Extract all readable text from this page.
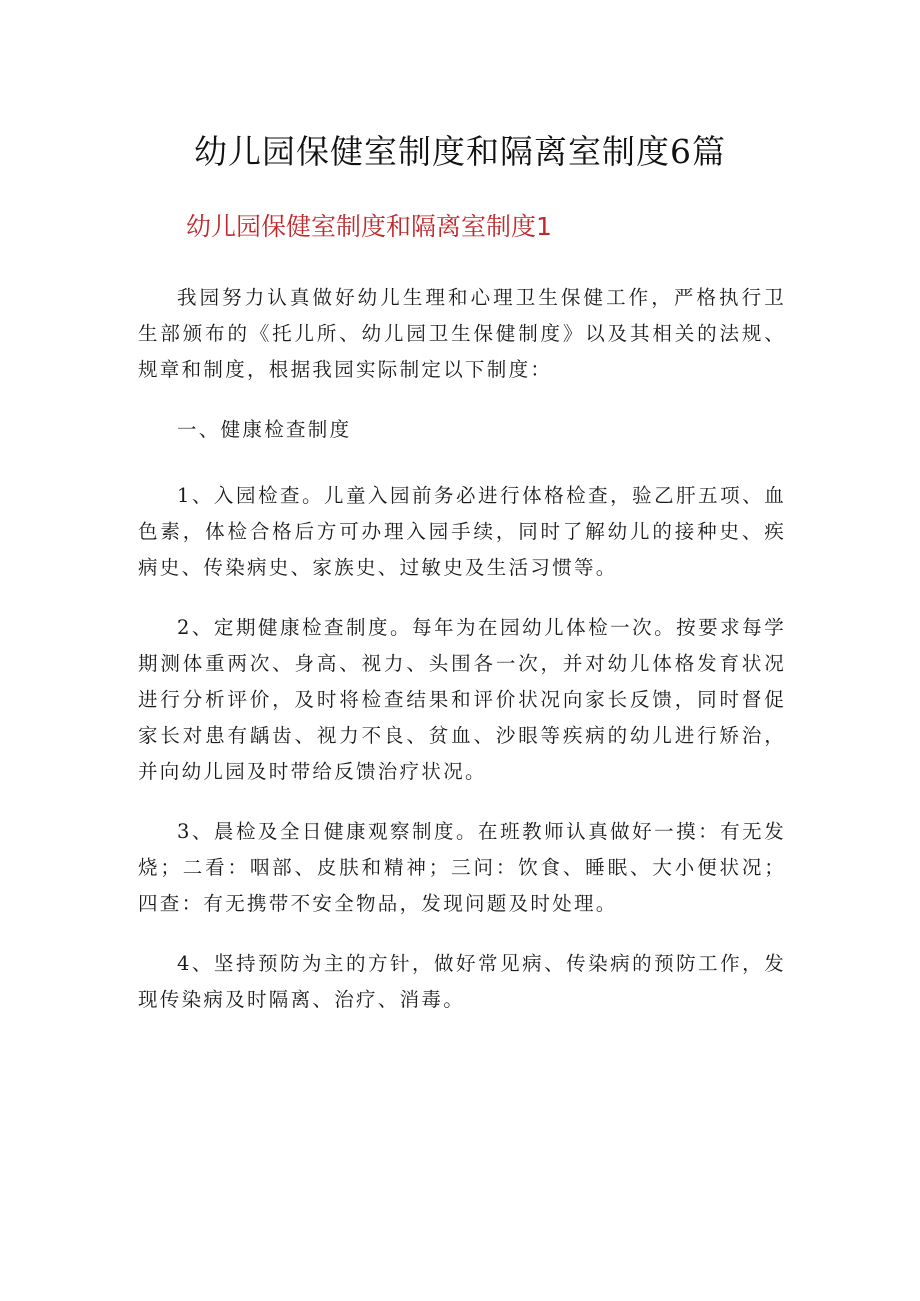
幼儿园保健室制度和隔离室制度6篇
幼儿园保健室制度和隔离室制度1

我园努力认真做好幼儿生理和心理卫生保健工作，严格执行卫生部颁布的《托儿所、幼儿园卫生保健制度》以及其相关的法规、规章和制度，根据我园实际制定以下制度：

一、健康检查制度

1、入园检查。儿童入园前务必进行体格检查，验乙肝五项、血色素，体检合格后方可办理入园手续，同时了解幼儿的接种史、疾病史、传染病史、家族史、过敏史及生活习惯等。

2、定期健康检查制度。每年为在园幼儿体检一次。按要求每学期测体重两次、身高、视力、头围各一次，并对幼儿体格发育状况进行分析评价，及时将检查结果和评价状况向家长反馈，同时督促家长对患有龋齿、视力不良、贫血、沙眼等疾病的幼儿进行矫治，并向幼儿园及时带给反馈治疗状况。

3、晨检及全日健康观察制度。在班教师认真做好一摸：有无发烧；二看：咽部、皮肤和精神；三问：饮食、睡眠、大小便状况；四查：有无携带不安全物品，发现问题及时处理。

4、坚持预防为主的方针，做好常见病、传染病的预防工作，发现传染病及时隔离、治疗、消毒。
